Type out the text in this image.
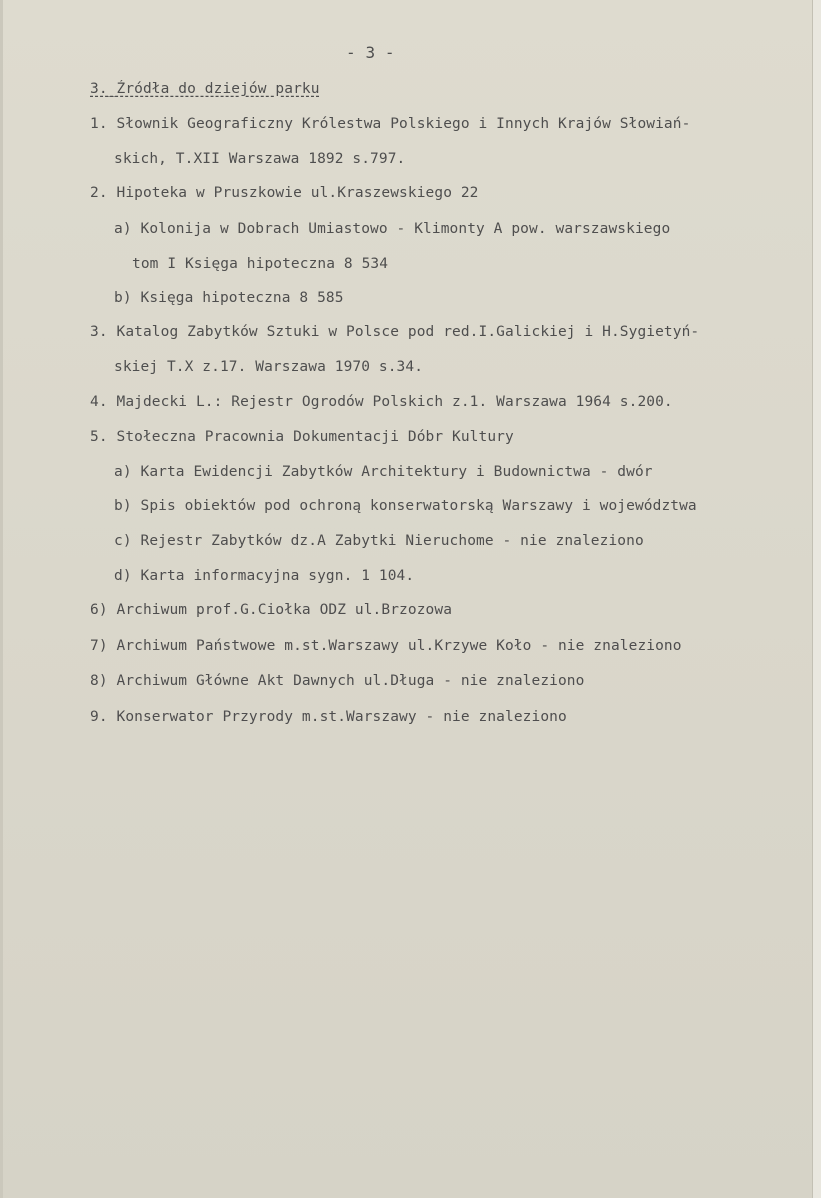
- 3 -
3._Źródła do dziejów parku
1. Słownik Geograficzny Królestwa Polskiego i Innych Krajów Słowiań-
skich, T.XII Warszawa 1892 s.797.
2. Hipoteka w Pruszkowie ul.Kraszewskiego 22
a) Kolonija w Dobrach Umiastowo - Klimonty A pow. warszawskiego
tom I Księga hipoteczna 8 534
b) Księga hipoteczna 8 585
3. Katalog Zabytków Sztuki w Polsce pod red.I.Galickiej i H.Sygietyń-
skiej T.X z.17. Warszawa 1970 s.34.
4. Majdecki L.: Rejestr Ogrodów Polskich z.1. Warszawa 1964 s.200.
5. Stołeczna Pracownia Dokumentacji Dóbr Kultury
a) Karta Ewidencji Zabytków Architektury i Budownictwa - dwór
b) Spis obiektów pod ochroną konserwatorską Warszawy i województwa
c) Rejestr Zabytków dz.A Zabytki Nieruchome - nie znaleziono
d) Karta informacyjna sygn. 1 104.
6) Archiwum prof.G.Ciołka ODZ ul.Brzozowa
7) Archiwum Państwowe m.st.Warszawy ul.Krzywe Koło - nie znaleziono
8) Archiwum Główne Akt Dawnych ul.Długa - nie znaleziono
9. Konserwator Przyrody m.st.Warszawy - nie znaleziono
